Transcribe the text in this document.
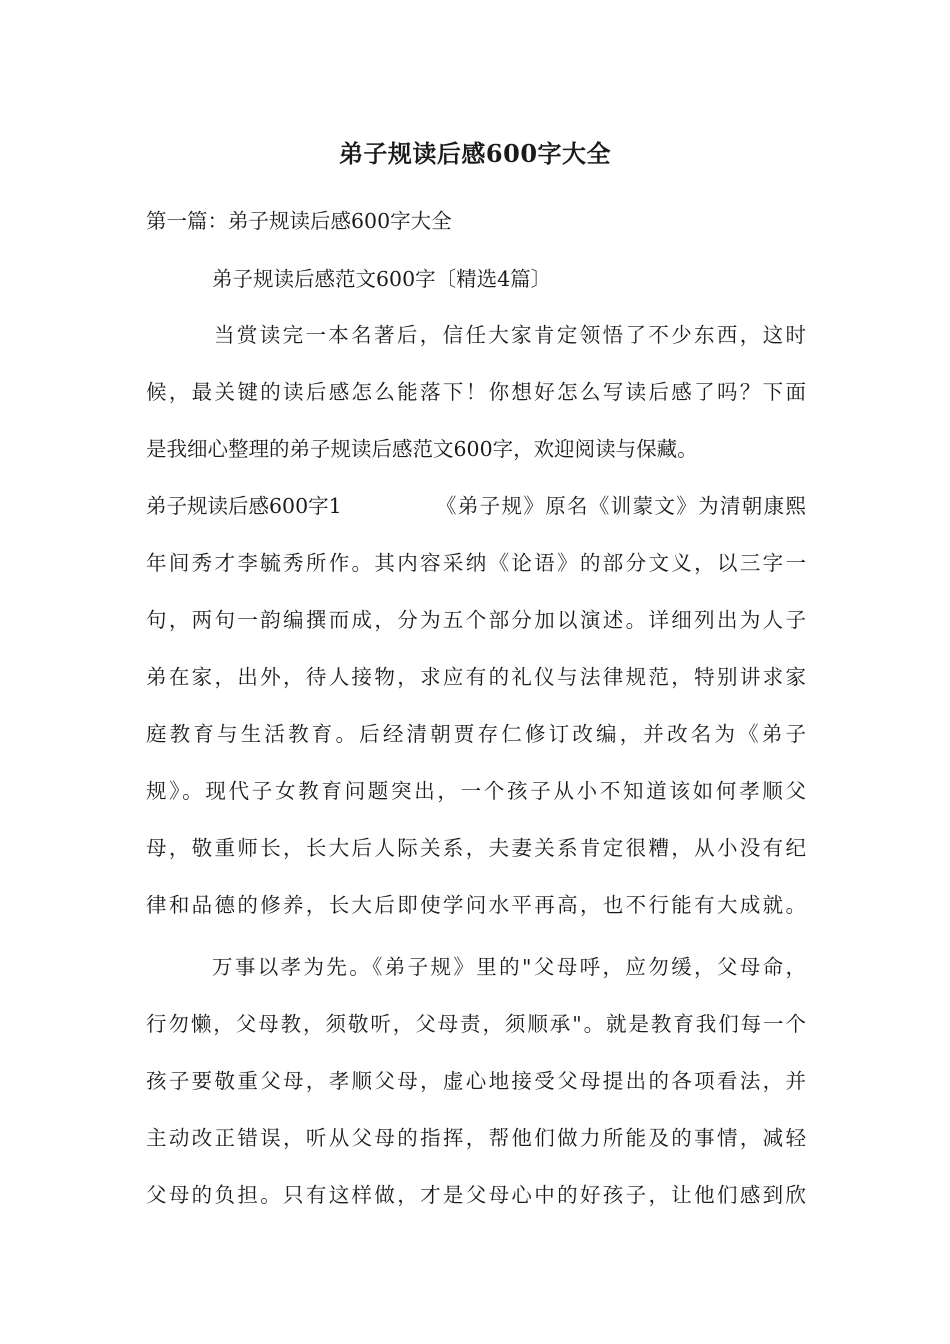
弟子规读后感600字大全
第一篇：弟子规读后感600字大全
弟子规读后感范文600字〔精选4篇〕
当赏读完一本名著后，信任大家肯定领悟了不少东西，这时
候，最关键的读后感怎么能落下！你想好怎么写读后感了吗？下面
是我细心整理的弟子规读后感范文600字，欢迎阅读与保藏。
弟子规读后感600字1	《弟子规》原名《训蒙文》为清朝康熙
年间秀才李毓秀所作。其内容采纳《论语》的部分文义，以三字一
句，两句一韵编撰而成，分为五个部分加以演述。详细列出为人子
弟在家，出外，待人接物，求应有的礼仪与法律规范，特别讲求家
庭教育与生活教育。后经清朝贾存仁修订改编，并改名为《弟子
规》。现代子女教育问题突出，一个孩子从小不知道该如何孝顺父
母，敬重师长，长大后人际关系，夫妻关系肯定很糟，从小没有纪
律和品德的修养，长大后即使学问水平再高，也不行能有大成就。
万事以孝为先。《弟子规》里的"父母呼，应勿缓，父母命，
行勿懒，父母教，须敬听，父母责，须顺承"。就是教育我们每一个
孩子要敬重父母，孝顺父母，虚心地接受父母提出的各项看法，并
主动改正错误，听从父母的指挥，帮他们做力所能及的事情，减轻
父母的负担。只有这样做，才是父母心中的好孩子，让他们感到欣
